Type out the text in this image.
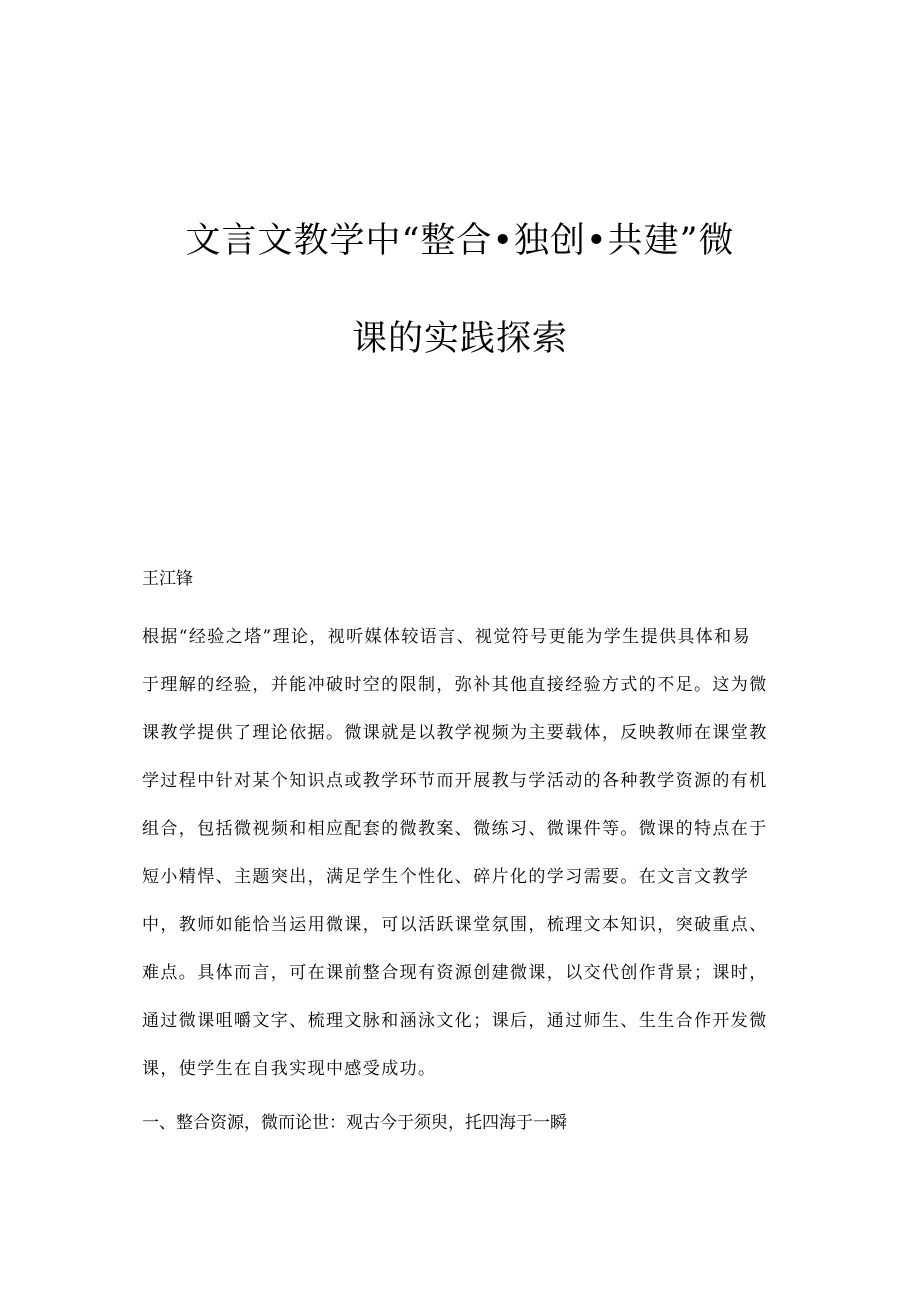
文言文教学中“整合•独创•共建”微
课的实践探索
王江锋
根据“经验之塔”理论，视听媒体较语言、视觉符号更能为学生提供具体和易
于理解的经验，并能冲破时空的限制，弥补其他直接经验方式的不足。这为微
课教学提供了理论依据。微课就是以教学视频为主要载体，反映教师在课堂教
学过程中针对某个知识点或教学环节而开展教与学活动的各种教学资源的有机
组合，包括微视频和相应配套的微教案、微练习、微课件等。微课的特点在于
短小精悍、主题突出，满足学生个性化、碎片化的学习需要。在文言文教学
中，教师如能恰当运用微课，可以活跃课堂氛围，梳理文本知识，突破重点、
难点。具体而言，可在课前整合现有资源创建微课，以交代创作背景；课时，
通过微课咀嚼文字、梳理文脉和涵泳文化；课后，通过师生、生生合作开发微
课，使学生在自我实现中感受成功。
一、整合资源，微而论世：观古今于须臾，托四海于一瞬
